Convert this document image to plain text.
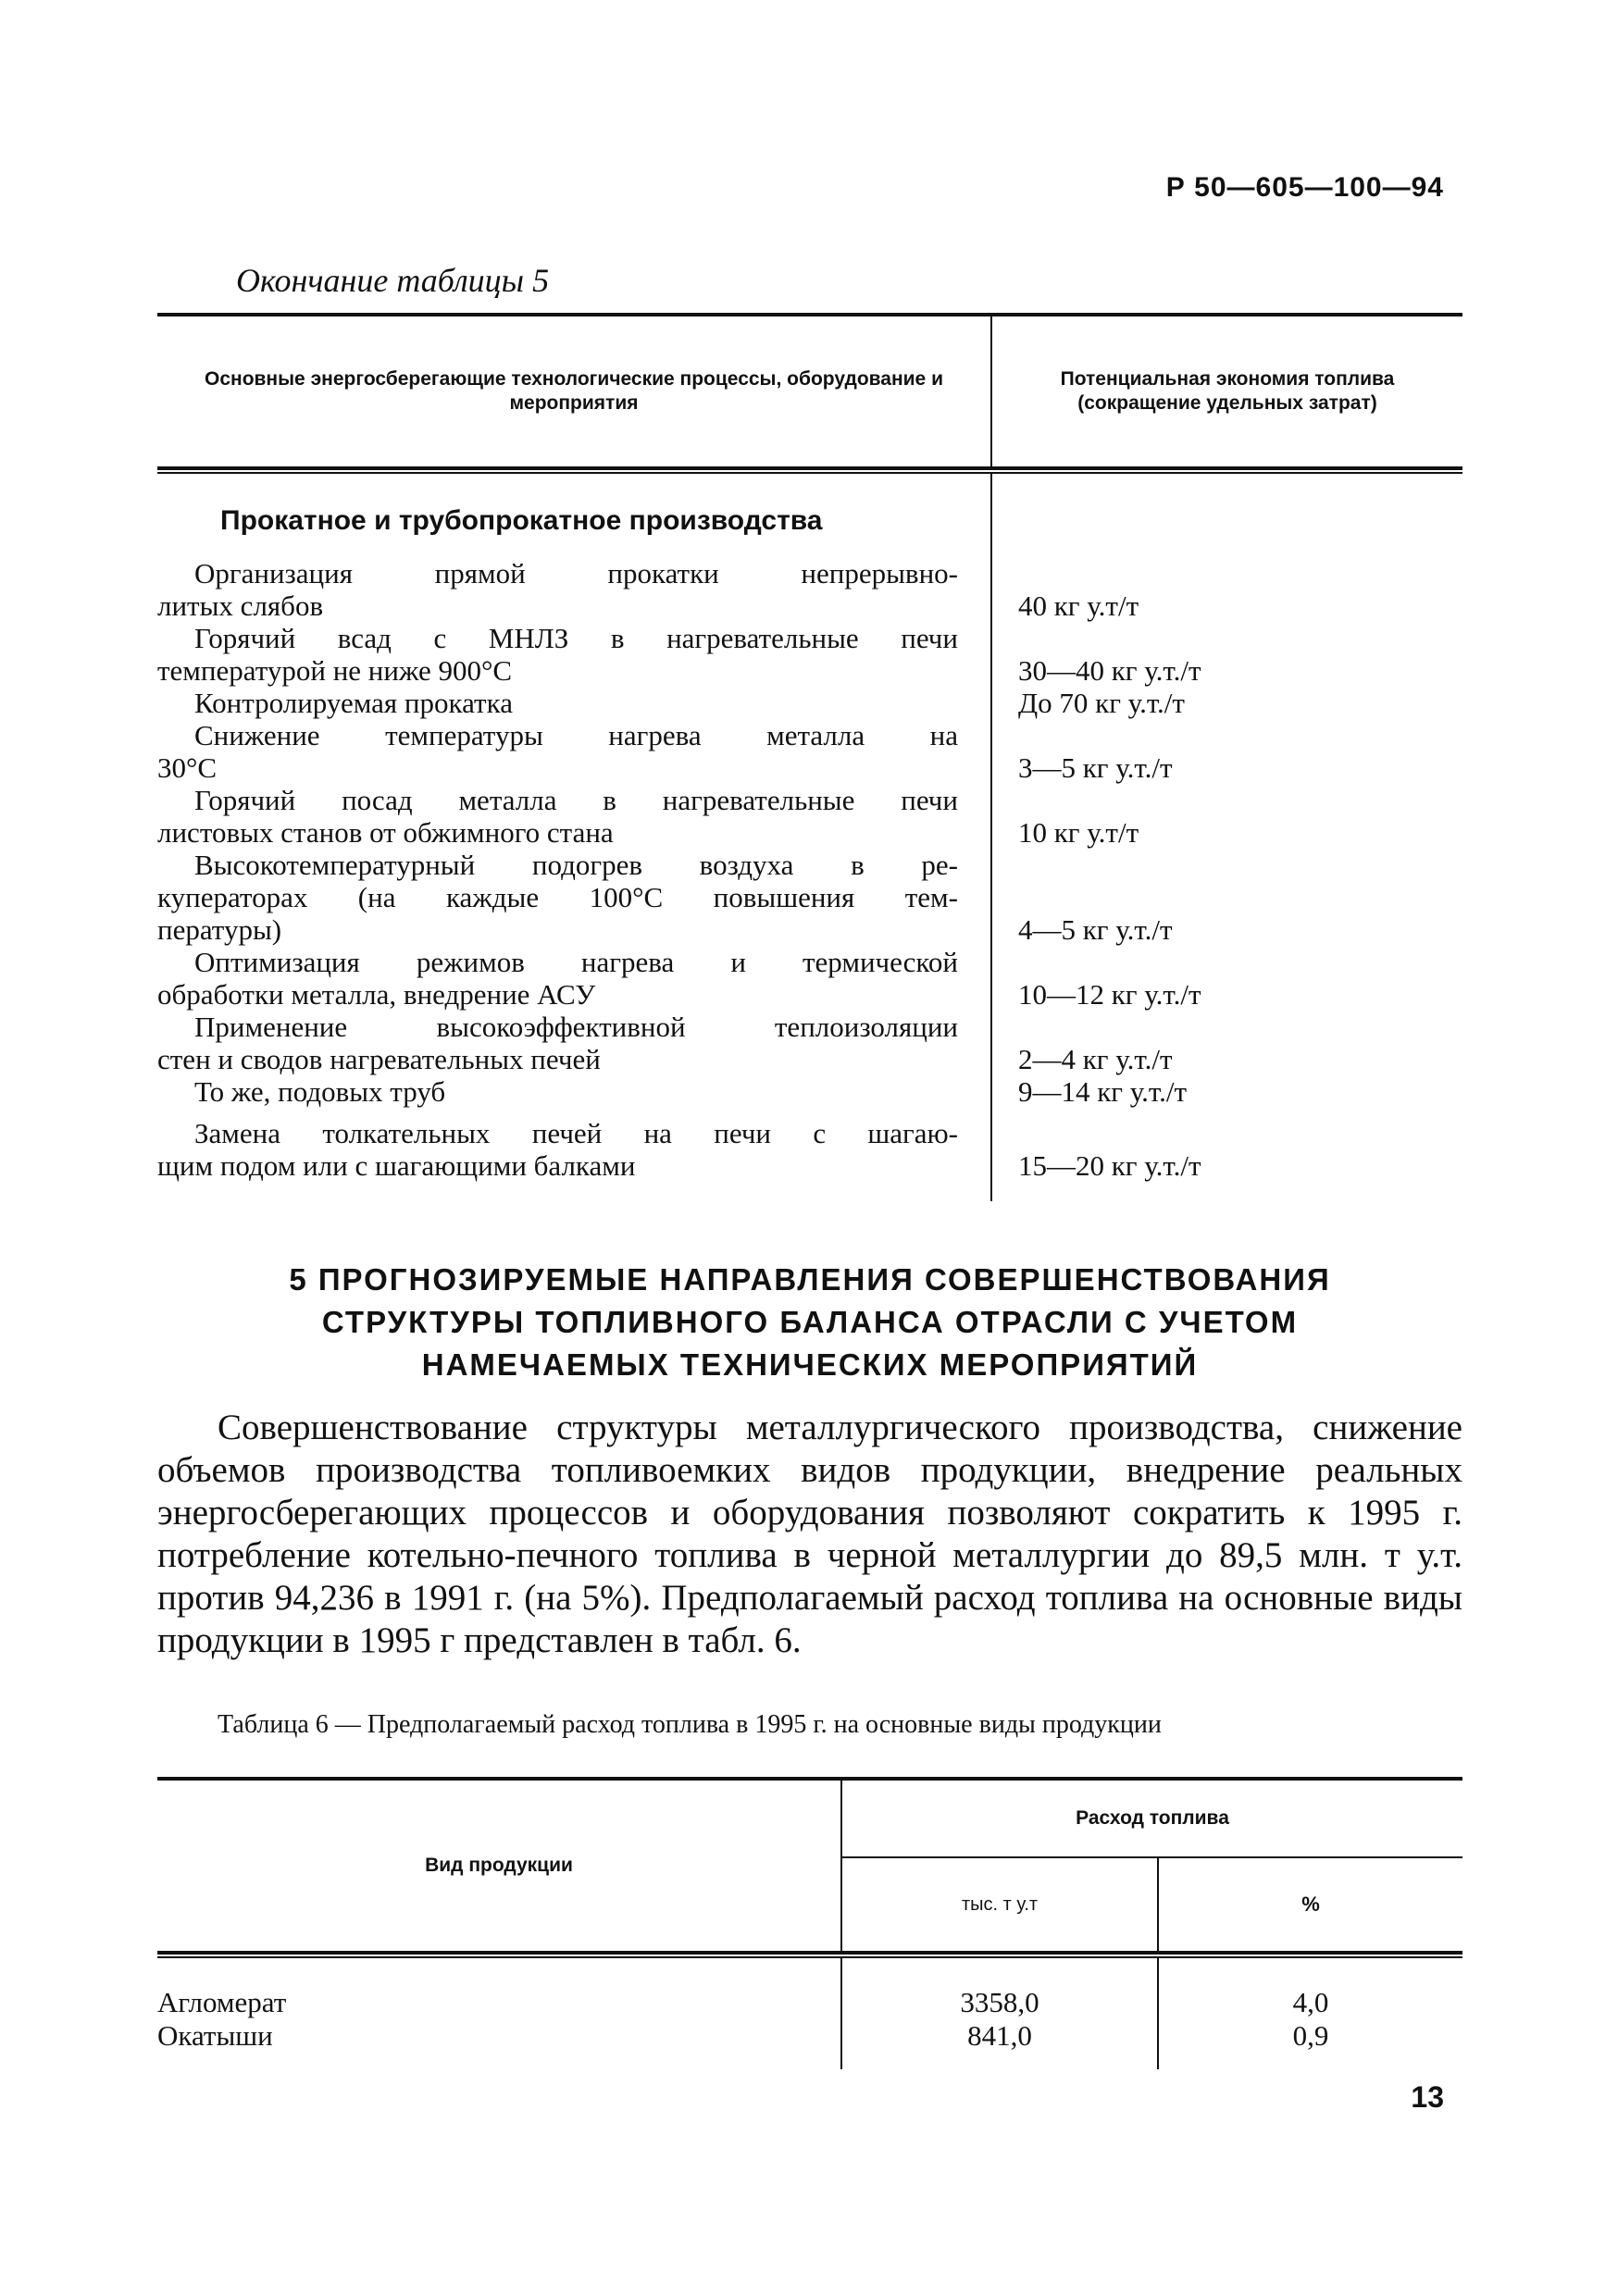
Р 50—605—100—94
Окончание таблицы 5
Основные энергосберегающие технологические процессы, оборудование и мероприятия
Потенциальная экономия топлива (сокращение удельных затрат)
Прокатное и трубопрокатное производства
Организация прямой прокатки непрерывно-
литых слябов	40 кг у.т/т
Горячий всад с МНЛЗ в нагревательные печи
температурой не ниже 900°С	30—40 кг у.т./т
Контролируемая прокатка	До 70 кг у.т./т
Снижение температуры нагрева металла на
30°С	3—5 кг у.т./т
Горячий посад металла в нагревательные печи
листовых станов от обжимного стана	10 кг у.т/т
Высокотемпературный подогрев воздуха в ре-
куператорах (на каждые 100°С повышения тем-
пературы)	4—5 кг у.т./т
Оптимизация режимов нагрева и термической
обработки металла, внедрение АСУ	10—12 кг у.т./т
Применение высокоэффективной теплоизоляции
стен и сводов нагревательных печей	2—4 кг у.т./т
То же, подовых труб	9—14 кг у.т./т
Замена толкательных печей на печи с шагаю-
щим подом или с шагающими балками	15—20 кг у.т./т
5 ПРОГНОЗИРУЕМЫЕ НАПРАВЛЕНИЯ СОВЕРШЕНСТВОВАНИЯ
СТРУКТУРЫ ТОПЛИВНОГО БАЛАНСА ОТРАСЛИ С УЧЕТОМ
НАМЕЧАЕМЫХ ТЕХНИЧЕСКИХ МЕРОПРИЯТИЙ
Совершенствование структуры металлургического производства, снижение объемов производства топливоемких видов продукции, внедрение реальных энергосберегающих процессов и оборудования позволяют сократить к 1995 г. потребление котельно-печного топлива в черной металлургии до 89,5 млн. т у.т. против 94,236 в 1991 г. (на 5%). Предполагаемый расход топлива на основные виды продукции в 1995 г представлен в табл. 6.
Таблица 6 — Предполагаемый расход топлива в 1995 г. на основные виды продукции
Вид продукции
Расход топлива
тыс. т у.т	%
Агломерат	3358,0	4,0
Окатыши	841,0	0,9
13
